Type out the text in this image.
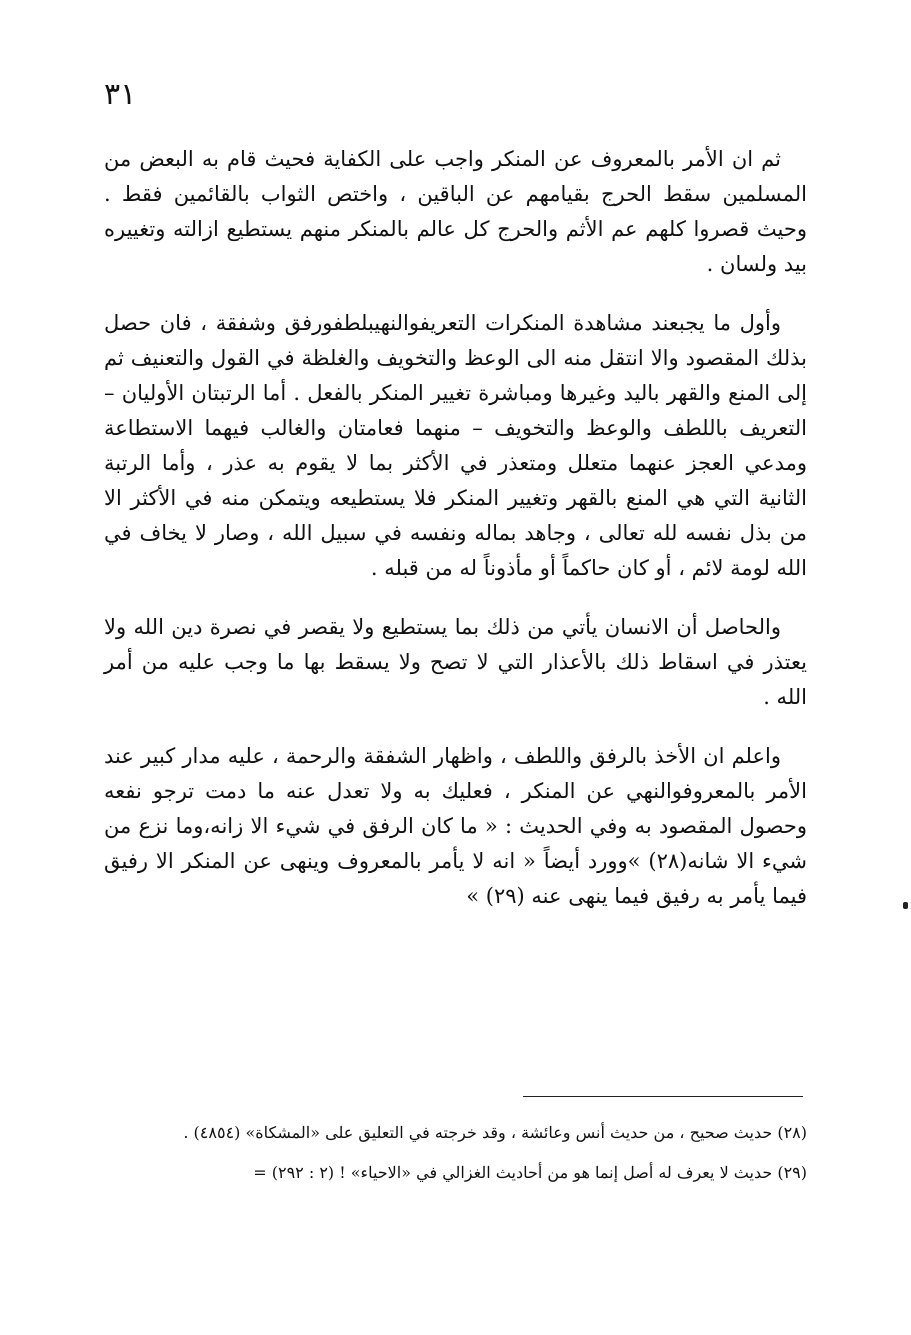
٣١

ثم ان الأمر بالمعروف عن المنكر واجب على الكفاية فحيث قام به البعض من المسلمين سقط الحرج بقيامهم عن الباقين ، واختص الثواب بالقائمين فقط . وحيث قصروا كلهم عم الأثم والحرج كل عالم بالمنكر منهم يستطيع ازالته وتغييره بيد ولسان .

وأول ما يجبعند مشاهدة المنكرات التعريفوالنهيبلطفورفق وشفقة ، فان حصل بذلك المقصود والا انتقل منه الى الوعظ والتخويف والغلظة في القول والتعنيف ثم إلى المنع والقهر باليد وغيرها ومباشرة تغيير المنكر بالفعل . أما الرتبتان الأوليان – التعريف باللطف والوعظ والتخويف – منهما فعامتان والغالب فيهما الاستطاعة ومدعي العجز عنهما متعلل ومتعذر في الأكثر بما لا يقوم به عذر ، وأما الرتبة الثانية التي هي المنع بالقهر وتغيير المنكر فلا يستطيعه ويتمكن منه في الأكثر الا من بذل نفسه لله تعالى ، وجاهد بماله ونفسه في سبيل الله ، وصار لا يخاف في الله لومة لائم ، أو كان حاكماً أو مأذوناً له من قبله .

والحاصل أن الانسان يأتي من ذلك بما يستطيع ولا يقصر في نصرة دين الله ولا يعتذر في اسقاط ذلك بالأعذار التي لا تصح ولا يسقط بها ما وجب عليه من أمر الله .

واعلم ان الأخذ بالرفق واللطف ، واظهار الشفقة والرحمة ، عليه مدار كبير عند الأمر بالمعروفوالنهي عن المنكر ، فعليك به ولا تعدل عنه ما دمت ترجو نفعه وحصول المقصود به وفي الحديث : « ما كان الرفق في شيء الا زانه،وما نزع من شيء الا شانه(٢٨) »وورد أيضاً « انه لا يأمر بالمعروف وينهى عن المنكر الا رفيق فيما يأمر به رفيق فيما ينهى عنه (٢٩) »

(٢٨) حديث صحيح ، من حديث أنس وعائشة ، وقد خرجته في التعليق على «المشكاة» (٤٨٥٤) .

(٢٩) حديث لا يعرف له أصل إنما هو من أحاديث الغزالي في «الاحياء» ! (٢ : ٢٩٢) =
